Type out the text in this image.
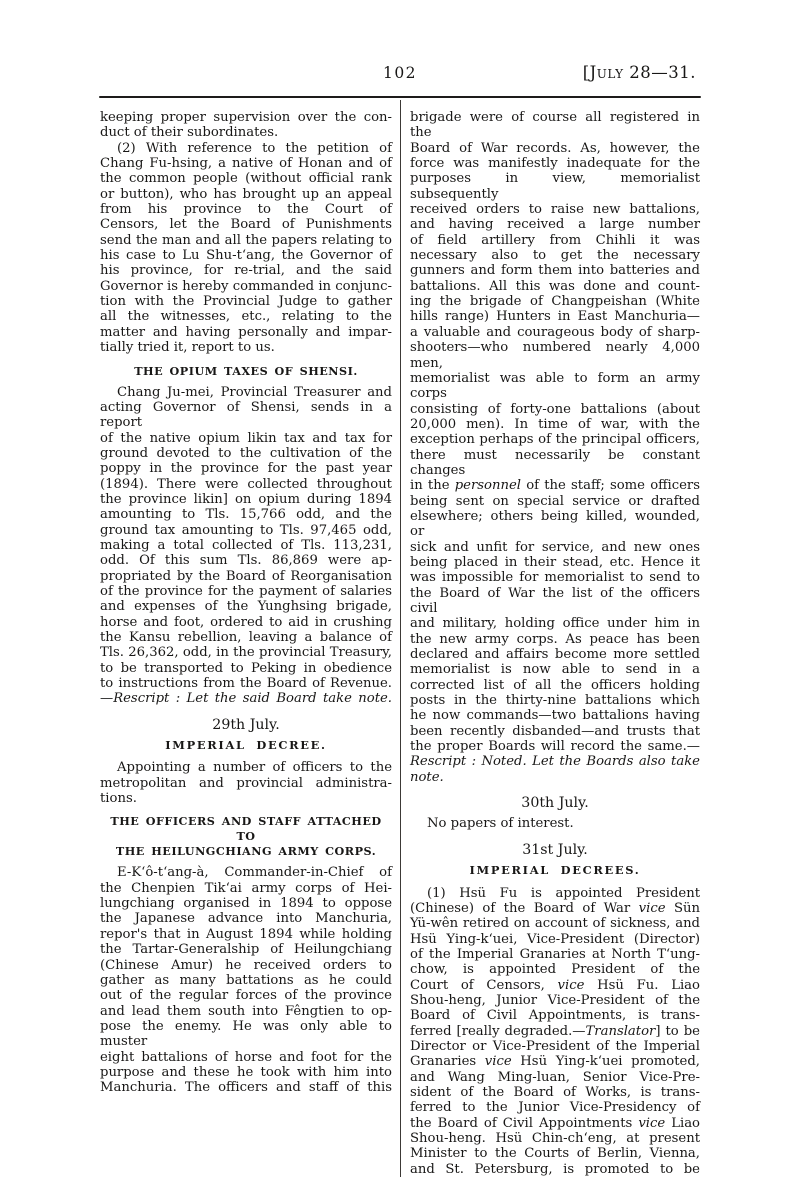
102	[July 28—31.
keeping proper supervision over the con-
duct of their subordinates.
(2) With reference to the petition of
Chang Fu-hsing, a native of Honan and of
the common people (without official rank
or button), who has brought up an appeal
from his province to the Court of
Censors, let the Board of Punishments
send the man and all the papers relating to
his case to Lu Shu-t‘ang, the Governor of
his province, for re-trial, and the said
Governor is hereby commanded in conjunc-
tion with the Provincial Judge to gather
all the witnesses, etc., relating to the
matter and having personally and impar-
tially tried it, report to us.
THE OPIUM TAXES OF SHENSI.
Chang Ju-mei, Provincial Treasurer and
acting Governor of Shensi, sends in a report
of the native opium likin tax and tax for
ground devoted to the cultivation of the
poppy in the province for the past year
(1894). There were collected throughout
the province likin] on opium during 1894
amounting to Tls. 15,766 odd, and the
ground tax amounting to Tls. 97,465 odd,
making a total collected of Tls. 113,231,
odd. Of this sum Tls. 86,869 were ap-
propriated by the Board of Reorganisation
of the province for the payment of salaries
and expenses of the Yunghsing brigade,
horse and foot, ordered to aid in crushing
the Kansu rebellion, leaving a balance of
Tls. 26,362, odd, in the provincial Treasury,
to be transported to Peking in obedience
to instructions from the Board of Revenue.
—Rescript : Let the said Board take note.
29th July.
IMPERIAL DECREE.
Appointing a number of officers to the
metropolitan and provincial administra-
tions.
THE OFFICERS AND STAFF ATTACHED TO
THE HEILUNGCHIANG ARMY CORPS.
E-K‘ô-t‘ang-à, Commander-in-Chief of
the Chenpien Tik‘ai army corps of Hei-
lungchiang organised in 1894 to oppose
the Japanese advance into Manchuria,
repor's that in August 1894 while holding
the Tartar-Generalship of Heilungchiang
(Chinese Amur) he received orders to
gather as many battations as he could
out of the regular forces of the province
and lead them south into Fêngtien to op-
pose the enemy. He was only able to muster
eight battalions of horse and foot for the
purpose and these he took with him into
Manchuria. The officers and staff of this
brigade were of course all registered in the
Board of War records. As, however, the
force was manifestly inadequate for the
purposes in view, memorialist subsequently
received orders to raise new battalions,
and having received a large number
of field artillery from Chihli it was
necessary also to get the necessary
gunners and form them into batteries and
battalions. All this was done and count-
ing the brigade of Changpeishan (White
hills range) Hunters in East Manchuria—
a valuable and courageous body of sharp-
shooters—who numbered nearly 4,000 men,
memorialist was able to form an army corps
consisting of forty-one battalions (about
20,000 men). In time of war, with the
exception perhaps of the principal officers,
there must necessarily be constant changes
in the personnel of the staff; some officers
being sent on special service or drafted
elsewhere; others being killed, wounded, or
sick and unfit for service, and new ones
being placed in their stead, etc. Hence it
was impossible for memorialist to send to
the Board of War the list of the officers civil
and military, holding office under him in
the new army corps. As peace has been
declared and affairs become more settled
memorialist is now able to send in a
corrected list of all the officers holding
posts in the thirty-nine battalions which
he now commands—two battalions having
been recently disbanded—and trusts that
the proper Boards will record the same.—
Rescript : Noted. Let the Boards also take
note.
30th July.
No papers of interest.
31st July.
IMPERIAL DECREES.
(1) Hsü Fu is appointed President
(Chinese) of the Board of War vice Sün
Yü-wên retired on account of sickness, and
Hsü Ying-k‘uei, Vice-President (Director)
of the Imperial Granaries at North T‘ung-
chow, is appointed President of the
Court of Censors, vice Hsü Fu. Liao
Shou-heng, Junior Vice-President of the
Board of Civil Appointments, is trans-
ferred [really degraded.—Translator] to be
Director or Vice-President of the Imperial
Granaries vice Hsü Ying-k‘uei promoted,
and Wang Ming-luan, Senior Vice-Pre-
sident of the Board of Works, is trans-
ferred to the Junior Vice-Presidency of
the Board of Civil Appointments vice Liao
Shou-heng. Hsü Chin-ch‘eng, at present
Minister to the Courts of Berlin, Vienna,
and St. Petersburg, is promoted to be
